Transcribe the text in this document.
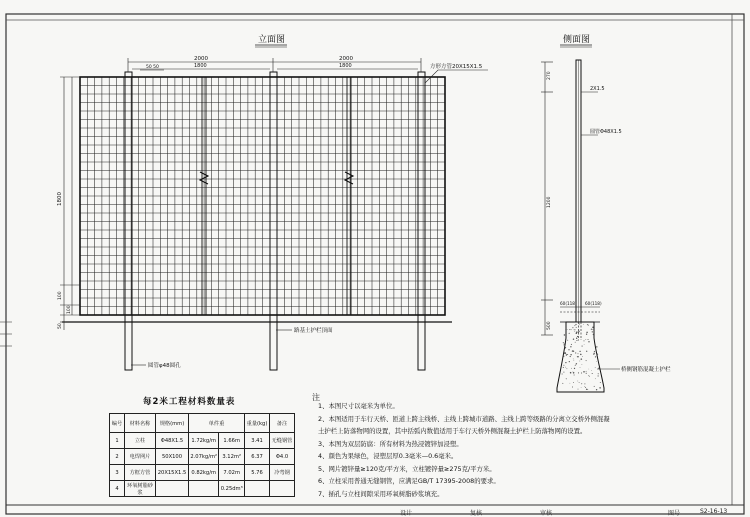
立面图	侧面图
2000	2000
1800	1800
50 50
1800
100
100
50
方形方管20X15X1.5
路基土护栏顶面
圆管φ48圆孔
270
1200
500
60(118) 60(118)
2X1.5
圆管Φ48X1.5
桥侧钢筋混凝土护栏
每2米工程材料数量表
编号	材料名称	规格(mm)	单件重		重量(kg)	备注
1	立柱	Φ48X1.5	1.72kg/m	1.66m	3.41	无缝钢管
2	电焊网片	50X100	2.07kg/m²	3.12m²	6.37	Φ4.0
3	方框方管	20X15X1.5	0.82kg/m	7.02m	5.76	冷弯钢
4	环氧树脂砂浆			0.25dm³		
注
1、本图尺寸以毫米为单位。
2、本图适用于车行天桥、匝道上跨主线桥、主线上跨城市道路、主线上跨等级路的分离立交桥外侧混凝
土护栏上防落物网的设置，其中括弧内数值适用于车行天桥外侧混凝土护栏上防落物网的设置。
3、本图为双层防腐：所有材料为热浸镀锌加浸塑。
4、颜色为果绿色，浸塑层厚0.3毫米—0.6毫米。
5、网片镀锌量≥120克/平方米，立柱镀锌量≥275克/平方米。
6、立柱采用普通无缝钢管，应满足GB/T 17395-2008的要求。
7、插孔与立柱间隙采用环氧树脂砂浆填充。
设计	复核	审核	图号	S2-16-13
